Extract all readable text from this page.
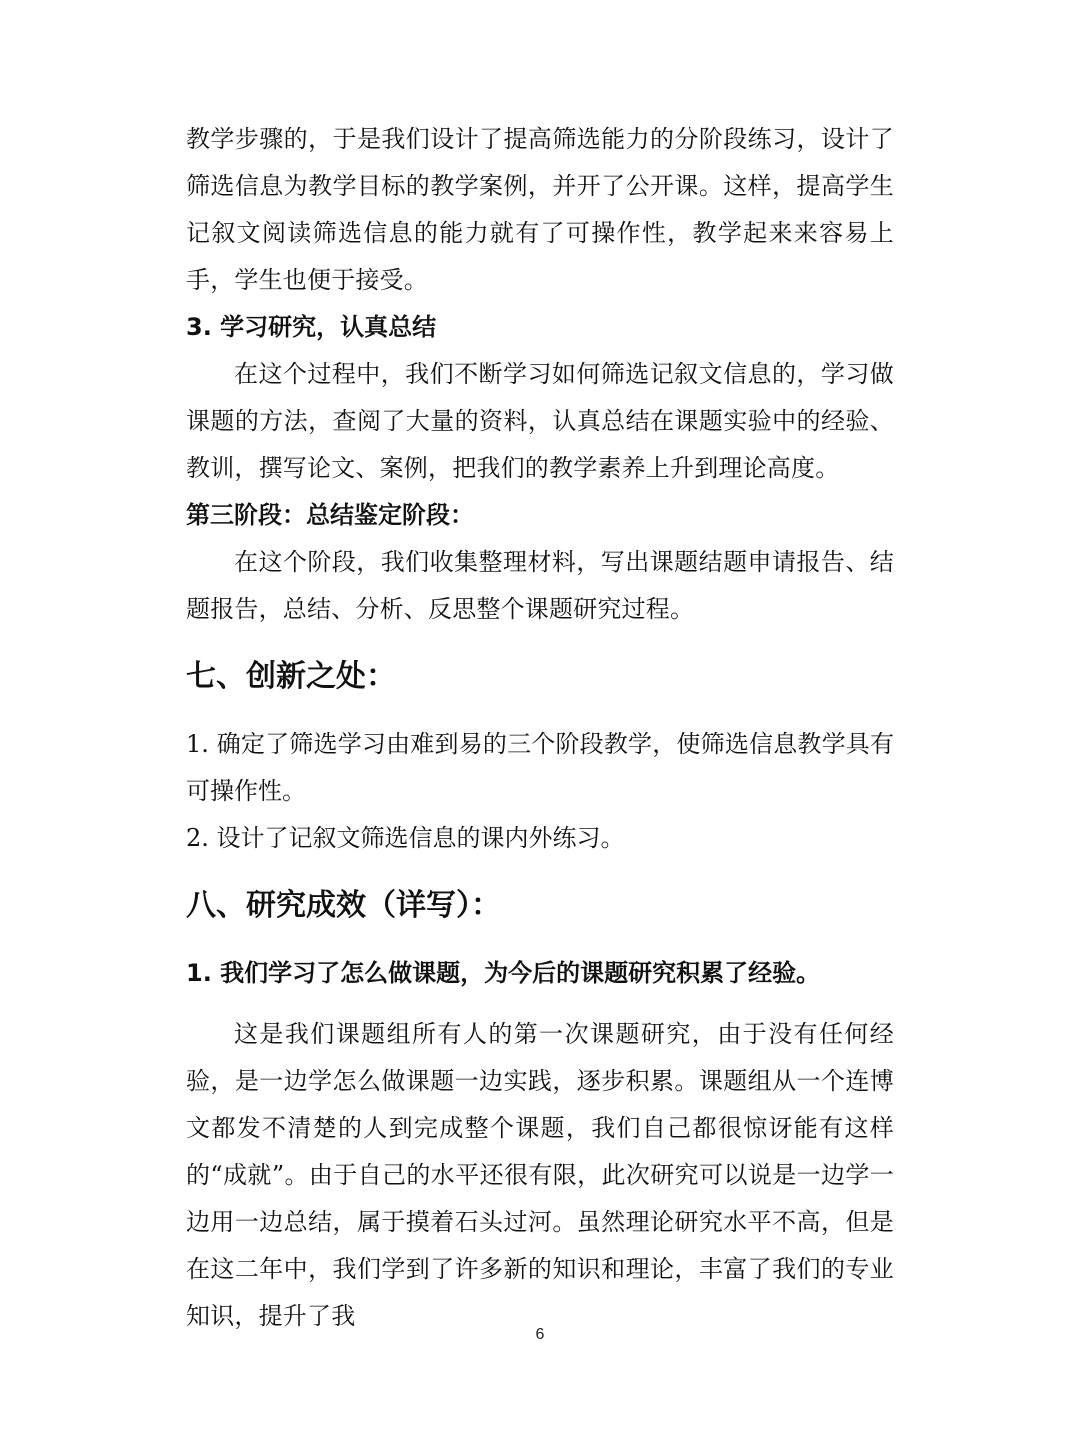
教学步骤的，于是我们设计了提高筛选能力的分阶段练习，设计了筛选信息为教学目标的教学案例，并开了公开课。这样，提高学生记叙文阅读筛选信息的能力就有了可操作性，教学起来来容易上手，学生也便于接受。

3. 学习研究，认真总结

在这个过程中，我们不断学习如何筛选记叙文信息的，学习做课题的方法，查阅了大量的资料，认真总结在课题实验中的经验、教训，撰写论文、案例，把我们的教学素养上升到理论高度。

第三阶段：总结鉴定阶段：

在这个阶段，我们收集整理材料，写出课题结题申请报告、结题报告，总结、分析、反思整个课题研究过程。

七、创新之处：

1. 确定了筛选学习由难到易的三个阶段教学，使筛选信息教学具有可操作性。

2. 设计了记叙文筛选信息的课内外练习。

八、研究成效（详写）：

1. 我们学习了怎么做课题，为今后的课题研究积累了经验。

这是我们课题组所有人的第一次课题研究，由于没有任何经验，是一边学怎么做课题一边实践，逐步积累。课题组从一个连博文都发不清楚的人到完成整个课题，我们自己都很惊讶能有这样的“成就”。由于自己的水平还很有限，此次研究可以说是一边学一边用一边总结，属于摸着石头过河。虽然理论研究水平不高，但是在这二年中，我们学到了许多新的知识和理论，丰富了我们的专业知识，提升了我

6
